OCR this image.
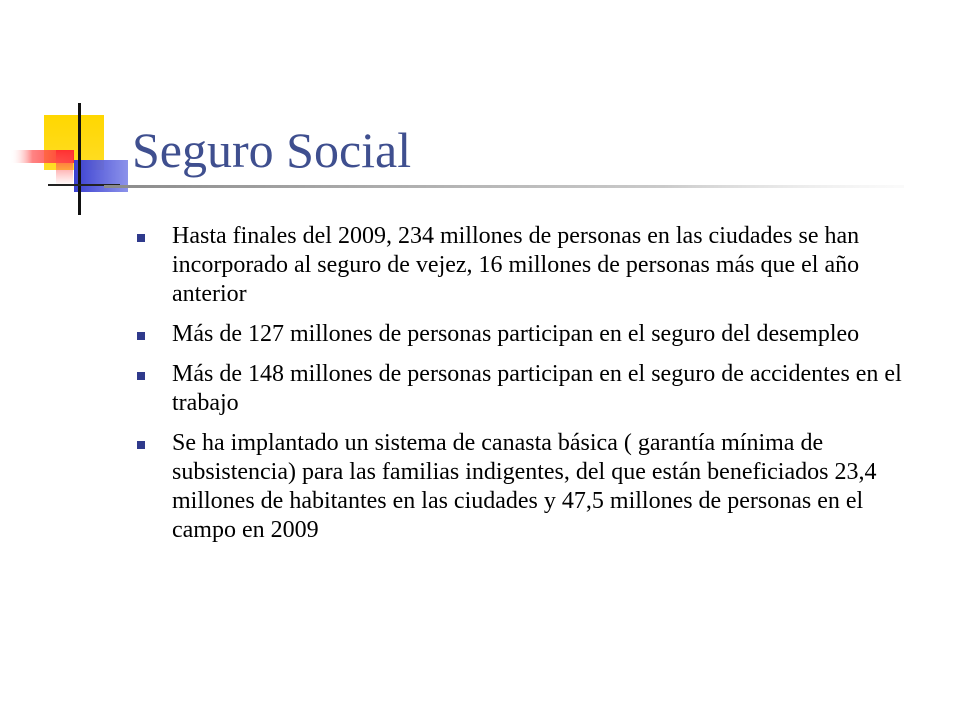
Seguro Social
Hasta finales del 2009, 234 millones de personas en las ciudades se han incorporado al seguro de vejez, 16 millones de personas más que el año anterior
Más de 127 millones de personas participan en el seguro del desempleo
Más de 148 millones de personas participan en el seguro de accidentes en el trabajo
Se ha implantado un sistema de canasta básica ( garantía mínima de subsistencia) para las familias indigentes, del que están beneficiados 23,4 millones de habitantes en las ciudades y 47,5 millones de personas en el campo en 2009
